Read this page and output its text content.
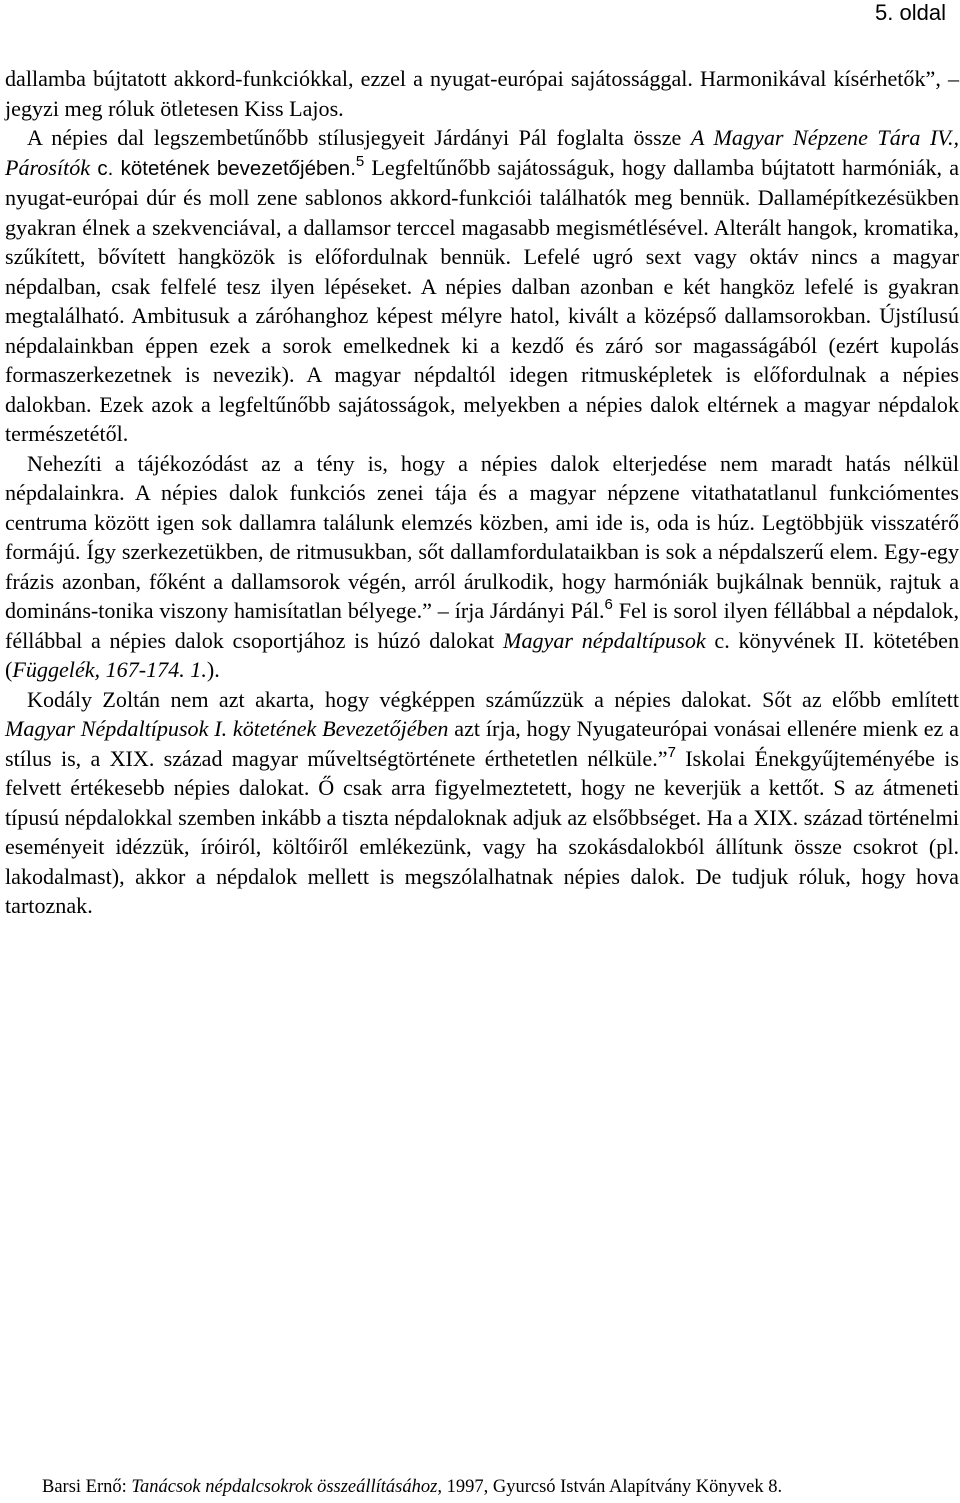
5. oldal

dallamba bújtatott akkord-funkciókkal, ezzel a nyugat-európai sajátossággal. Harmonikával kísérhetők”, – jegyzi meg róluk ötletesen Kiss Lajos.

A népies dal legszembetűnőbb stílusjegyeit Járdányi Pál foglalta össze A Magyar Népzene Tára IV., Párosítók c. kötetének bevezetőjében.$^5$ Legfeltűnőbb sajátosságuk, hogy dallamba bújtatott harmóniák, a nyugat-európai dúr és moll zene sablonos akkord-funkciói találhatók meg bennük. Dallamépítkezésükben gyakran élnek a szekvenciával, a dallamsor terccel magasabb megismétlésével. Alterált hangok, kromatika, szűkített, bővített hangközök is előfordulnak bennük. Lefelé ugró sext vagy oktáv nincs a magyar népdalban, csak felfelé tesz ilyen lépéseket. A népies dalban azonban e két hangköz lefelé is gyakran megtalálható. Ambitusuk a záróhanghoz képest mélyre hatol, kivált a középső dallamsorokban. Újstílusú népdalainkban éppen ezek a sorok emelkednek ki a kezdő és záró sor magasságából (ezért kupolás formaszerkezetnek is nevezik). A magyar népdaltól idegen ritmusképletek is előfordulnak a népies dalokban. Ezek azok a legfeltűnőbb sajátosságok, melyekben a népies dalok eltérnek a magyar népdalok természetétől.

Nehezíti a tájékozódást az a tény is, hogy a népies dalok elterjedése nem maradt hatás nélkül népdalainkra. A népies dalok funkciós zenei tája és a magyar népzene vitathatatlanul funkciómentes centruma között igen sok dallamra találunk elemzés közben, ami ide is, oda is húz. Legtöbbjük visszatérő formájú. Így szerkezetükben, de ritmusukban, sőt dallamfordulataikban is sok a népdalszerű elem. Egy-egy frázis azonban, főként a dallamsorok végén, arról árulkodik, hogy harmóniák bujkálnak bennük, rajtuk a domináns-tonika viszony hamisítatlan bélyege.” – írja Járdányi Pál.$^6$ Fel is sorol ilyen féllábbal a népdalok, féllábbal a népies dalok csoportjához is húzó dalokat Magyar népdaltípusok c. könyvének II. kötetében (Függelék, 167-174. 1.).

Kodály Zoltán nem azt akarta, hogy végképpen száműzzük a népies dalokat. Sőt az előbb említett Magyar Népdaltípusok I. kötetének Bevezetőjében azt írja, hogy Nyugateurópai vonásai ellenére mienk ez a stílus is, a XIX. század magyar műveltségtörténete érthetetlen nélküle.”$^7$ Iskolai Énekgyűjteményébe is felvett értékesebb népies dalokat. Ő csak arra figyelmeztetett, hogy ne keverjük a kettőt. S az átmeneti típusú népdalokkal szemben inkább a tiszta népdaloknak adjuk az elsőbbséget. Ha a XIX. század történelmi eseményeit idézzük, íróiról, költőiről emlékezünk, vagy ha szokásdalokból állítunk össze csokrot (pl. lakodalmast), akkor a népdalok mellett is megszólalhatnak népies dalok. De tudjuk róluk, hogy hova tartoznak.

Barsi Ernő: Tanácsok népdalcsokrok összeállításához, 1997, Gyurcsó István Alapítvány Könyvek 8.
